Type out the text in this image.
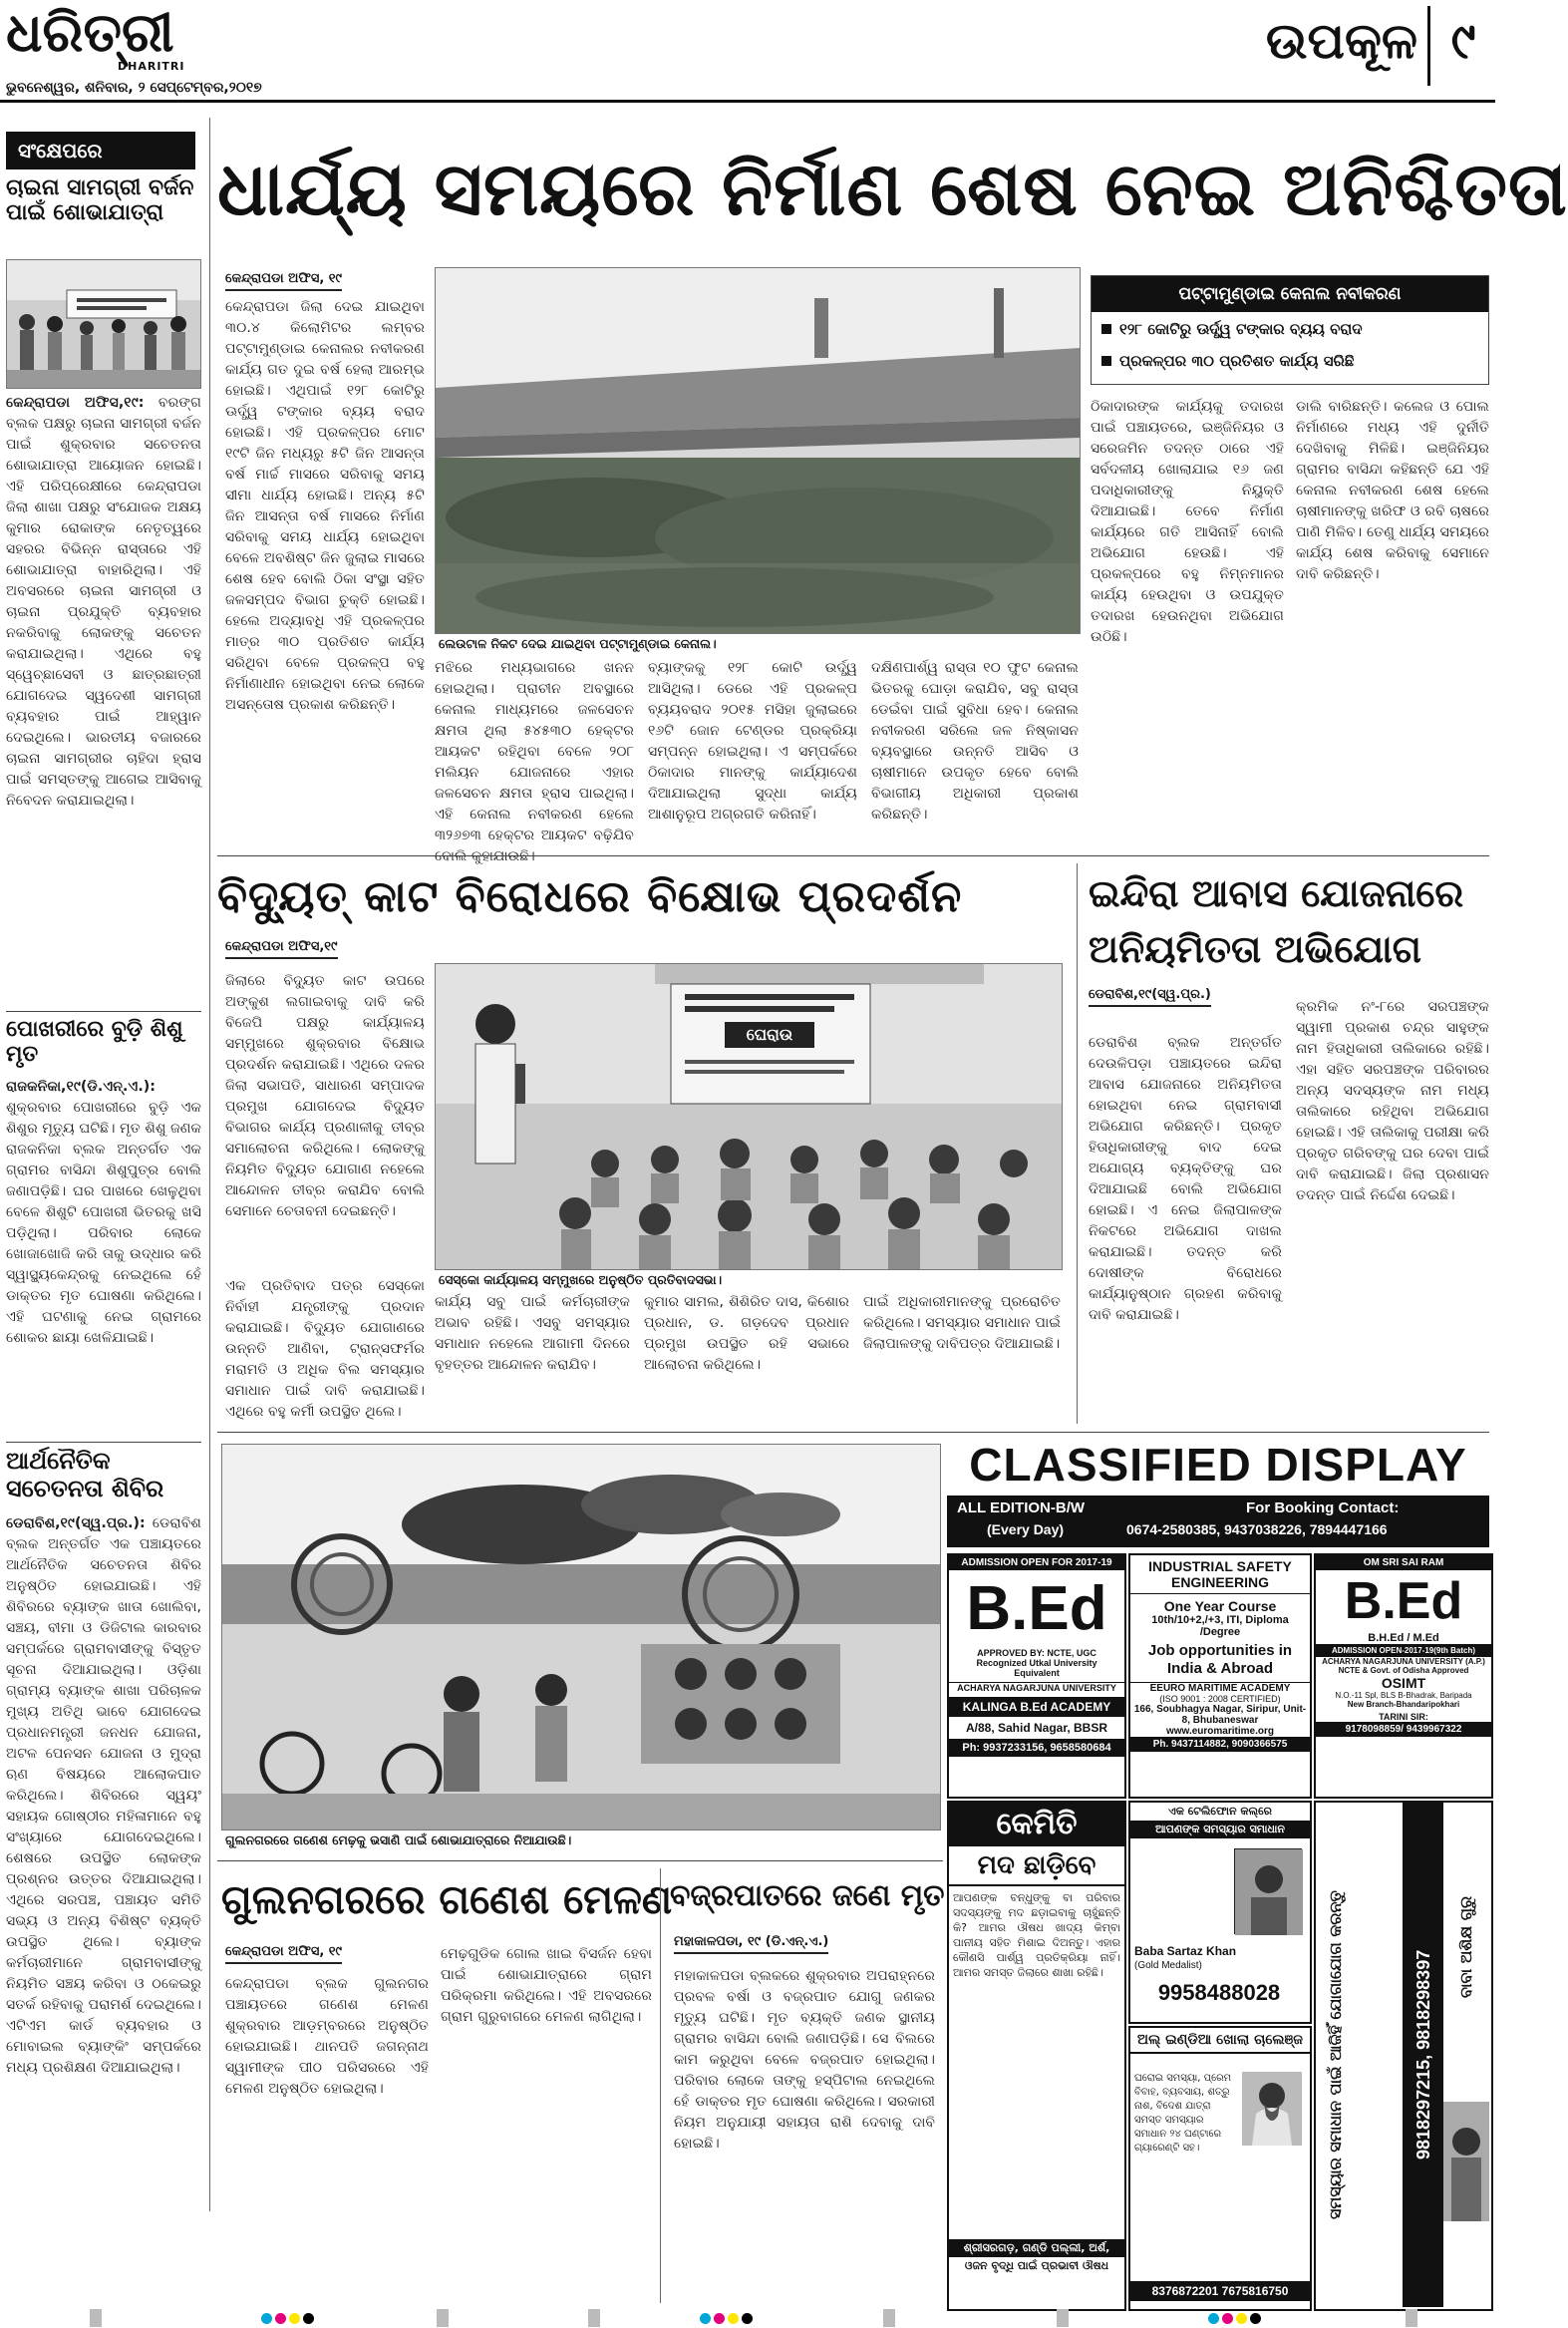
ଧରିତ୍ରୀ
DHARITRI
ଭୁବନେଶ୍ୱର, ଶନିବାର, ୨ ସେପ୍ଟେମ୍ବର,୨୦୧୭
ଉପକୂଳ ୯
ସଂକ୍ଷେପରେ
ଚାଇନା ସାମଗ୍ରୀ ବର୍ଜନ ପାଇଁ ଶୋଭାଯାତ୍ରା
କେନ୍ଦ୍ରାପଡା ଅଫିସ,୧୯: ବରଙ୍ଗ ବ୍ଲକ ପକ୍ଷରୁ ଚାଇନା ସାମଗ୍ରୀ ବର୍ଜନ ପାଇଁ ଶୁକ୍ରବାର ସଚେତନତା ଶୋଭାଯାତ୍ରା ଆୟୋଜନ ହୋଇଛି। ଏହି ପରିପ୍ରେକ୍ଷୀରେ କେନ୍ଦ୍ରାପଡା ଜିଲା ଶାଖା ପକ୍ଷରୁ ସଂଯୋଜକ ଅକ୍ଷୟ କୁମାର ରୋକାଙ୍କ ନେତୃତ୍ୱରେ ସହରର ବିଭିନ୍ନ ରାସ୍ତାରେ ଏହି ଶୋଭାଯାତ୍ରା ବାହାରିଥିଲା। ଏହି ଅବସରରେ ଚାଇନା ସାମଗ୍ରୀ ଓ ଚାଇନା ପ୍ରଯୁକ୍ତି ବ୍ୟବହାର ନକରିବାକୁ ଲୋକଙ୍କୁ ସଚେତନ କରାଯାଇଥିଲା। ଏଥିରେ ବହୁ ସ୍ୱେଚ୍ଛାସେବୀ ଓ ଛାତ୍ରଛାତ୍ରୀ ଯୋଗଦେଇ ସ୍ୱଦେଶୀ ସାମଗ୍ରୀ ବ୍ୟବହାର ପାଇଁ ଆହ୍ୱାନ ଦେଇଥିଲେ। ଭାରତୀୟ ବଜାରରେ ଚାଇନା ସାମଗ୍ରୀର ଚାହିଦା ହ୍ରାସ ପାଇଁ ସମସ୍ତଙ୍କୁ ଆଗେଇ ଆସିବାକୁ ନିବେଦନ କରାଯାଇଥିଲା।
ପୋଖରୀରେ ବୁଡ଼ି ଶିଶୁ ମୃତ
ରାଜକନିକା,୧୯(ଡି.ଏନ୍.ଏ.): ଶୁକ୍ରବାର ପୋଖରୀରେ ବୁଡ଼ି ଏକ ଶିଶୁର ମୃତ୍ୟୁ ଘଟିଛି। ମୃତ ଶିଶୁ ଜଣକ ରାଜକନିକା ବ୍ଲକ ଅନ୍ତର୍ଗତ ଏକ ଗ୍ରାମର ବାସିନ୍ଦା ଶିଶୁପୁତ୍ର ବୋଲି ଜଣାପଡ଼ିଛି। ଘର ପାଖରେ ଖେଳୁଥିବା ବେଳେ ଶିଶୁଟି ପୋଖରୀ ଭିତରକୁ ଖସି ପଡ଼ିଥିଲା। ପରିବାର ଲୋକେ ଖୋଜାଖୋଜି କରି ତାକୁ ଉଦ୍ଧାର କରି ସ୍ୱାସ୍ଥ୍ୟକେନ୍ଦ୍ରକୁ ନେଇଥିଲେ ହେଁ ଡାକ୍ତର ମୃତ ଘୋଷଣା କରିଥିଲେ। ଏହି ଘଟଣାକୁ ନେଇ ଗ୍ରାମରେ ଶୋକର ଛାୟା ଖେଳିଯାଇଛି।
ଆର୍ଥନୈତିକ ସଚେତନତା ଶିବିର
ଡେରାବିଶ,୧୯(ସ୍ୱ.ପ୍ର.): ଡେରାବିଶ ବ୍ଲକ ଅନ୍ତର୍ଗତ ଏକ ପଞ୍ଚାୟତରେ ଆର୍ଥନୈତିକ ସଚେତନତା ଶିବିର ଅନୁଷ୍ଠିତ ହୋଇଯାଇଛି। ଏହି ଶିବିରରେ ବ୍ୟାଙ୍କ ଖାତା ଖୋଲିବା, ସଞ୍ଚୟ, ବୀମା ଓ ଡିଜିଟାଲ କାରବାର ସମ୍ପର୍କରେ ଗ୍ରାମବାସୀଙ୍କୁ ବିସ୍ତୃତ ସୂଚନା ଦିଆଯାଇଥିଲା। ଓଡ଼ିଶା ଗ୍ରାମ୍ୟ ବ୍ୟାଙ୍କ ଶାଖା ପରିଚାଳକ ମୁଖ୍ୟ ଅତିଥି ଭାବେ ଯୋଗଦେଇ ପ୍ରଧାନମନ୍ତ୍ରୀ ଜନଧନ ଯୋଜନା, ଅଟଳ ପେନସନ ଯୋଜନା ଓ ମୁଦ୍ରା ଋଣ ବିଷୟରେ ଆଲୋକପାତ କରିଥିଲେ। ଶିବିରରେ ସ୍ୱୟଂ ସହାୟକ ଗୋଷ୍ଠୀର ମହିଳାମାନେ ବହୁ ସଂଖ୍ୟାରେ ଯୋଗଦେଇଥିଲେ। ଶେଷରେ ଉପସ୍ଥିତ ଲୋକଙ୍କ ପ୍ରଶ୍ନର ଉତ୍ତର ଦିଆଯାଇଥିଲା। ଏଥିରେ ସରପଞ୍ଚ, ପଞ୍ଚାୟତ ସମିତି ସଭ୍ୟ ଓ ଅନ୍ୟ ବିଶିଷ୍ଟ ବ୍ୟକ୍ତି ଉପସ୍ଥିତ ଥିଲେ। ବ୍ୟାଙ୍କ କର୍ମଚାରୀମାନେ ଗ୍ରାମବାସୀଙ୍କୁ ନିୟମିତ ସଞ୍ଚୟ କରିବା ଓ ଠକେଇରୁ ସତର୍କ ରହିବାକୁ ପରାମର୍ଶ ଦେଇଥିଲେ। ଏଟିଏମ କାର୍ଡ ବ୍ୟବହାର ଓ ମୋବାଇଲ ବ୍ୟାଙ୍କିଂ ସମ୍ପର୍କରେ ମଧ୍ୟ ପ୍ରଶିକ୍ଷଣ ଦିଆଯାଇଥିଲା।
ଧାର୍ଯ୍ୟ ସମୟରେ ନିର୍ମାଣ ଶେଷ ନେଇ ଅନିଶ୍ଚିତତା
କେନ୍ଦ୍ରାପଡା ଅଫିସ, ୧୯
କେନ୍ଦ୍ରାପଡା ଜିଲା ଦେଇ ଯାଇଥିବା ୩୦.୪ କିଲୋମିଟର ଲମ୍ବର ପଟ୍ଟାମୁଣ୍ଡାଇ କେନାଲର ନବୀକରଣ କାର୍ଯ୍ୟ ଗତ ଦୁଇ ବର୍ଷ ହେଲା ଆରମ୍ଭ ହୋଇଛି। ଏଥିପାଇଁ ୧୨୮ କୋଟିରୁ ଊର୍ଦ୍ଧ୍ୱ ଟଙ୍କାର ବ୍ୟୟ ବରାଦ ହୋଇଛି। ଏହି ପ୍ରକଳ୍ପର ମୋଟ ୧୯ଟି ଜିନ ମଧ୍ୟରୁ ୫ଟି ଜିନ ଆସନ୍ତା ବର୍ଷ ମାର୍ଚ୍ଚ ମାସରେ ସରିବାକୁ ସମୟ ସୀମା ଧାର୍ଯ୍ୟ ହୋଇଛି। ଅନ୍ୟ ୫ଟି ଜିନ ଆସନ୍ତା ବର୍ଷ ମାସରେ ନିର୍ମାଣ ସରିବାକୁ ସମୟ ଧାର୍ଯ୍ୟ ହୋଇଥିବା ବେଳେ ଅବଶିଷ୍ଟ ଜିନ ଜୁଲାଇ ମାସରେ ଶେଷ ହେବ ବୋଲି ଠିକା ସଂସ୍ଥା ସହିତ ଜଳସମ୍ପଦ ବିଭାଗ ଚୁକ୍ତି ହୋଇଛି। ହେଲେ ଅଦ୍ୟାବଧି ଏହି ପ୍ରକଳ୍ପର ମାତ୍ର ୩୦ ପ୍ରତିଶତ କାର୍ଯ୍ୟ ସରିଥିବା ବେଳେ ପ୍ରକଳ୍ପ ବହୁ ନିର୍ମାଣାଧୀନ ହୋଇଥିବା ନେଇ ଲୋକେ ଅସନ୍ତୋଷ ପ୍ରକାଶ କରିଛନ୍ତି।
ଲେଉଟାଳ ନିକଟ ଦେଇ ଯାଇଥିବା ପଟ୍ଟାମୁଣ୍ଡାଇ କେନାଲ।
ମଝିରେ ମଧ୍ୟଭାଗରେ ଖନନ ହୋଇଥିଲା। ପ୍ରାଚୀନ ଅବସ୍ଥାରେ କେନାଲ ମାଧ୍ୟମରେ ଜଳସେଚନ କ୍ଷମତା ଥିଲା ୫୪୫୩୦ ହେକ୍ଟର ଆୟକଟ ରହିଥିବା ବେଳେ ୨୦୮ ମଲିୟନ ଯୋଜନାରେ ଏହାର ଜଳସେଚନ କ୍ଷମତା ହ୍ରାସ ପାଇଥିଲା। ଏହି କେନାଲ ନବୀକରଣ ହେଲେ ୩୨୬୭୩ ହେକ୍ଟର ଆୟକଟ ବଢ଼ିଯିବ ବୋଲି କୁହାଯାଉଛି।
ବ୍ୟାଙ୍କକୁ ୧୨୮ କୋଟି ଉର୍ଦ୍ଧ୍ୱ ଆସିଥିଲା। ଡେରେ ଏହି ପ୍ରକଳ୍ପ ବ୍ୟୟବରାଦ ୨୦୧୫ ମସିହା ଜୁଲାଇରେ ୧୬ଟି ଜୋନ ଟେଣ୍ଡର ପ୍ରକ୍ରିୟା ସମ୍ପନ୍ନ ହୋଇଥିଲା। ଏ ସମ୍ପର୍କରେ ଠିକାଦାର ମାନଙ୍କୁ କାର୍ଯ୍ୟାଦେଶ ଦିଆଯାଇଥିଲା ସୁଦ୍ଧା କାର୍ଯ୍ୟ ଆଶାନୁରୂପ ଅଗ୍ରଗତି କରିନାହିଁ।
ଦକ୍ଷିଣପାର୍ଶ୍ୱ ରାସ୍ତା ୧୦ ଫୁଟ କେନାଲ ଭିତରକୁ ଘୋଡ଼ା କରାଯିବ, ସବୁ ରାସ୍ତା ଡେଇଁବା ପାଇଁ ସୁବିଧା ହେବ। କେନାଲ ନବୀକରଣ ସରିଲେ ଜଳ ନିଷ୍କାସନ ବ୍ୟବସ୍ଥାରେ ଉନ୍ନତି ଆସିବ ଓ ଚାଷୀମାନେ ଉପକୃତ ହେବେ ବୋଲି ବିଭାଗୀୟ ଅଧିକାରୀ ପ୍ରକାଶ କରିଛନ୍ତି।
ପଟ୍ଟାମୁଣ୍ଡାଇ କେନାଲ ନବୀକରଣ
୧୨୮ କୋଟିରୁ ଊର୍ଦ୍ଧ୍ୱ ଟଙ୍କାର ବ୍ୟୟ ବରାଦ
ପ୍ରକଳ୍ପର ୩୦ ପ୍ରତିଶତ କାର୍ଯ୍ୟ ସରିଛି
ଠିକାଦାରଙ୍କ କାର୍ଯ୍ୟକୁ ତଦାରଖ ପାଇଁ ପଞ୍ଚାୟତରେ, ଇଞ୍ଜିନିୟର ଓ ସରେଜମିନ ତଦନ୍ତ ଠାରେ ଏହି ସର୍ବଦଳୀୟ ଖୋଲାଯାଇ ୧୬ ଜଣ ପଦାଧିକାରୀଙ୍କୁ ନିୟୁକ୍ତି ଦିଆଯାଇଛି। ତେବେ ନିର୍ମାଣ କାର୍ଯ୍ୟରେ ଗତି ଆସିନାହିଁ ବୋଲି ଅଭିଯୋଗ ହେଉଛି। ଏହି ପ୍ରକଳ୍ପରେ ବହୁ ନିମ୍ନମାନର କାର୍ଯ୍ୟ ହେଉଥିବା ଓ ଉପଯୁକ୍ତ ତଦାରଖ ହେଉନଥିବା ଅଭିଯୋଗ ଉଠିଛି।
ଡାଲି ବାରିଛନ୍ତି। କଲେଜ ଓ ପୋଲ ନିର୍ମାଣରେ ମଧ୍ୟ ଏହି ଦୁର୍ନୀତି ଦେଖିବାକୁ ମିଳିଛି। ଇଞ୍ଜିନିୟର ଗ୍ରାମର ବାସିନ୍ଦା କହିଛନ୍ତି ଯେ ଏହି କେନାଲ ନବୀକରଣ ଶେଷ ହେଲେ ଚାଷୀମାନଙ୍କୁ ଖରିଫ ଓ ରବି ଚାଷରେ ପାଣି ମିଳିବ। ତେଣୁ ଧାର୍ଯ୍ୟ ସମୟରେ କାର୍ଯ୍ୟ ଶେଷ କରିବାକୁ ସେମାନେ ଦାବି କରିଛନ୍ତି।
ବିଦ୍ୟୁତ୍ କାଟ ବିରୋଧରେ ବିକ୍ଷୋଭ ପ୍ରଦର୍ଶନ
କେନ୍ଦ୍ରାପଡା ଅଫିସ,୧୯
ଜିଲାରେ ବିଦ୍ୟୁତ କାଟ ଉପରେ ଅଙ୍କୁଶ ଲଗାଇବାକୁ ଦାବି କରି ବିଜେପି ପକ୍ଷରୁ କାର୍ଯ୍ୟାଳୟ ସମ୍ମୁଖରେ ଶୁକ୍ରବାର ବିକ୍ଷୋଭ ପ୍ରଦର୍ଶନ କରାଯାଇଛି। ଏଥିରେ ଦଳର ଜିଲା ସଭାପତି, ସାଧାରଣ ସମ୍ପାଦକ ପ୍ରମୁଖ ଯୋଗଦେଇ ବିଦ୍ୟୁତ ବିଭାଗର କାର୍ଯ୍ୟ ପ୍ରଣାଳୀକୁ ତୀବ୍ର ସମାଲୋଚନା କରିଥିଲେ। ଲୋକଙ୍କୁ ନିୟମିତ ବିଦ୍ୟୁତ ଯୋଗାଣ ନହେଲେ ଆନ୍ଦୋଳନ ତୀବ୍ର କରାଯିବ ବୋଲି ସେମାନେ ଚେତାବନୀ ଦେଇଛନ୍ତି।
ଘେରାଉ
ସେସ୍କୋ କାର୍ଯ୍ୟାଳୟ ସମ୍ମୁଖରେ ଅନୁଷ୍ଠିତ ପ୍ରତିବାଦସଭା।
ଏକ ପ୍ରତିବାଦ ପତ୍ର ସେସ୍କୋ ନିର୍ବାହୀ ଯନ୍ତ୍ରୀଙ୍କୁ ପ୍ରଦାନ କରାଯାଇଛି। ବିଦ୍ୟୁତ ଯୋଗାଣରେ ଉନ୍ନତି ଆଣିବା, ଟ୍ରାନ୍ସଫର୍ମର ମରାମତି ଓ ଅଧିକ ବିଲ ସମସ୍ୟାର ସମାଧାନ ପାଇଁ ଦାବି କରାଯାଇଛି। ଏଥିରେ ବହୁ କର୍ମୀ ଉପସ୍ଥିତ ଥିଲେ।
କାର୍ଯ୍ୟ ସବୁ ପାଇଁ କର୍ମଚାରୀଙ୍କ ଅଭାବ ରହିଛି। ଏସବୁ ସମସ୍ୟାର ସମାଧାନ ନହେଲେ ଆଗାମୀ ଦିନରେ ବୃହତ୍ତର ଆନ୍ଦୋଳନ କରାଯିବ।
କୁମାର ସାମଲ, ଶିଶିରିତ ଦାସ, କିଶୋର ପ୍ରଧାନ, ଡ. ଗଡ଼ଦେବ ପ୍ରଧାନ ପ୍ରମୁଖ ଉପସ୍ଥିତ ରହି ସଭାରେ ଆଲୋଚନା କରିଥିଲେ।
ପାଇଁ ଅଧିକାରୀମାନଙ୍କୁ ପ୍ରରୋଚିତ କରିଥିଲେ। ସମସ୍ୟାର ସମାଧାନ ପାଇଁ ଜିଲାପାଳଙ୍କୁ ଦାବିପତ୍ର ଦିଆଯାଇଛି।
ଇନ୍ଦିରା ଆବାସ ଯୋଜନାରେ ଅନିୟମିତତା ଅଭିଯୋଗ
ଡେରାବିଶ,୧୯(ସ୍ୱ.ପ୍ର.)
ଡେରାବିଶ ବ୍ଲକ ଅନ୍ତର୍ଗତ ଦେଉଳିପଡ଼ା ପଞ୍ଚାୟତରେ ଇନ୍ଦିରା ଆବାସ ଯୋଜନାରେ ଅନିୟମିତତା ହୋଇଥିବା ନେଇ ଗ୍ରାମବାସୀ ଅଭିଯୋଗ କରିଛନ୍ତି। ପ୍ରକୃତ ହିତାଧିକାରୀଙ୍କୁ ବାଦ ଦେଇ ଅଯୋଗ୍ୟ ବ୍ୟକ୍ତିଙ୍କୁ ଘର ଦିଆଯାଇଛି ବୋଲି ଅଭିଯୋଗ ହୋଇଛି। ଏ ନେଇ ଜିଲାପାଳଙ୍କ ନିକଟରେ ଅଭିଯୋଗ ଦାଖଲ କରାଯାଇଛି। ତଦନ୍ତ କରି ଦୋଷୀଙ୍କ ବିରୋଧରେ କାର୍ଯ୍ୟାନୁଷ୍ଠାନ ଗ୍ରହଣ କରିବାକୁ ଦାବି କରାଯାଇଛି।
କ୍ରମିକ ନଂ-୮ରେ ସରପଞ୍ଚଙ୍କ ସ୍ୱାମୀ ପ୍ରକାଶ ଚନ୍ଦ୍ର ସାହୁଙ୍କ ନାମ ହିତାଧିକାରୀ ତାଲିକାରେ ରହିଛି। ଏହା ସହିତ ସରପଞ୍ଚଙ୍କ ପରିବାରର ଅନ୍ୟ ସଦସ୍ୟଙ୍କ ନାମ ମଧ୍ୟ ତାଲିକାରେ ରହିଥିବା ଅଭିଯୋଗ ହୋଇଛି। ଏହି ତାଲିକାକୁ ପରୀକ୍ଷା କରି ପ୍ରକୃତ ଗରିବଙ୍କୁ ଘର ଦେବା ପାଇଁ ଦାବି କରାଯାଇଛି। ଜିଲା ପ୍ରଶାସନ ତଦନ୍ତ ପାଇଁ ନିର୍ଦ୍ଦେଶ ଦେଇଛି।
ଗୁଲନଗରରେ ଗଣେଶ ମେଢ଼କୁ ଭସାଣି ପାଇଁ ଶୋଭାଯାତ୍ରାରେ ନିଆଯାଉଛି।
ଗୁଲନଗରରେ ଗଣେଶ ମେଳଣ
କେନ୍ଦ୍ରାପଡା ଅଫିସ, ୧୯
କେନ୍ଦ୍ରାପଡା ବ୍ଲକ ଗୁଲନଗର ପଞ୍ଚାୟତରେ ଗଣେଶ ମେଳଣ ଶୁକ୍ରବାର ଆଡ଼ମ୍ବରରେ ଅନୁଷ୍ଠିତ ହୋଇଯାଇଛି। ଥାନପତି ଜଗନ୍ନାଥ ସ୍ୱାମୀଙ୍କ ପୀଠ ପରିସରରେ ଏହି ମେଳଣ ଅନୁଷ୍ଠିତ ହୋଇଥିଲା।
ମେଢ଼ଗୁଡିକ ଗୋଲ ଖାଇ ବିସର୍ଜନ ହେବା ପାଇଁ ଶୋଭାଯାତ୍ରାରେ ଗ୍ରାମ ପରିକ୍ରମା କରିଥିଲେ। ଏହି ଅବସରରେ ଗ୍ରାମ ଗୁରୁବାଗରେ ମେଳଣ ଲାଗିଥିଲା।
ବଜ୍ରପାତରେ ଜଣେ ମୃତ
ମହାକାଳପଡା, ୧୯ (ଡି.ଏନ୍.ଏ.)
ମହାକାଳପଡା ବ୍ଲକରେ ଶୁକ୍ରବାର ଅପରାହ୍ନରେ ପ୍ରବଳ ବର୍ଷା ଓ ବଜ୍ରପାତ ଯୋଗୁ ଜଣକର ମୃତ୍ୟୁ ଘଟିଛି। ମୃତ ବ୍ୟକ୍ତି ଜଣକ ସ୍ଥାନୀୟ ଗ୍ରାମର ବାସିନ୍ଦା ବୋଲି ଜଣାପଡ଼ିଛି। ସେ ବିଲରେ କାମ କରୁଥିବା ବେଳେ ବଜ୍ରପାତ ହୋଇଥିଲା। ପରିବାର ଲୋକେ ତାଙ୍କୁ ହସ୍ପିଟାଲ ନେଇଥିଲେ ହେଁ ଡାକ୍ତର ମୃତ ଘୋଷଣା କରିଥିଲେ। ସରକାରୀ ନିୟମ ଅନୁଯାୟୀ ସହାୟତା ରାଶି ଦେବାକୁ ଦାବି ହୋଇଛି।
CLASSIFIED DISPLAY
ALL EDITION-B/W
(Every Day)
For Booking Contact:
0674-2580385, 9437038226, 7894447166
ADMISSION OPEN FOR 2017-19
B.Ed
APPROVED BY: NCTE, UGC Recognized Utkal University Equivalent
ACHARYA NAGARJUNA UNIVERSITY
KALINGA B.Ed ACADEMY
A/88, Sahid Nagar, BBSR
Ph: 9937233156, 9658580684
INDUSTRIAL SAFETY ENGINEERING
One Year Course
10th/10+2,/+3, ITI, Diploma /Degree
Job opportunities in India & Abroad
EEURO MARITIME ACADEMY
(ISO 9001 : 2008 CERTIFIED)
166, Soubhagya Nagar, Siripur, Unit-8, Bhubaneswar
www.euromaritime.org
Ph. 9437114882, 9090366575
OM SRI SAI RAM
B.Ed
B.H.Ed / M.Ed
ADMISSION OPEN-2017-19(9th Batch)
ACHARYA NAGARJUNA UNIVERSITY (A.P.) NCTE & Govt. of Odisha Approved
OSIMT
N.O.-11 Spl, BLS B-Bhadrak, Baripada
New Branch-Bhandaripokhari
TARINI SIR:
9178098859/ 9439967322
କେମିତି
ମଦ ଛାଡ଼ିବେ
ଆପଣଙ୍କ ବନ୍ଧୁଙ୍କୁ ବା ପରିବାର ସଦସ୍ୟଙ୍କୁ ମଦ ଛଡ଼ାଇବାକୁ ଚାହୁଁଛନ୍ତି କି? ଆମର ଔଷଧ ଖାଦ୍ୟ କିମ୍ବା ପାନୀୟ ସହିତ ମିଶାଇ ଦିଅନ୍ତୁ। ଏହାର କୌଣସି ପାର୍ଶ୍ୱ ପ୍ରତିକ୍ରିୟା ନାହିଁ। ଆମର ସମସ୍ତ ଜିଲାରେ ଶାଖା ରହିଛି।
ଶ୍ରୀସରଗଡ଼, ଗଣ୍ଡି ପଲ୍ଲୀ, ଅର୍ଶ,
ଓଜନ ବୃଦ୍ଧି ପାଇଁ ପ୍ରଭାବୀ ଔଷଧ
ଏକ ଟେଲିଫୋନ କଲ୍‌ରେ
ଆପଣଙ୍କ ସମସ୍ୟାର ସମାଧାନ
Baba Sartaz Khan
(Gold Medalist)
9958488028
ଅଲ୍ ଇଣ୍ଡିଆ ଖୋଲା ଚାଲେଞ୍ଜ
ଘରୋଇ ସମସ୍ୟା, ପ୍ରେମ ବିବାହ, ବ୍ୟବସାୟ, ଶତ୍ରୁ ନାଶ, ବିଦେଶ ଯାତ୍ରା ସମସ୍ତ ସମସ୍ୟାର ସମାଧାନ ୨୪ ଘଣ୍ଟାରେ ଗ୍ୟାରେଣ୍ଟି ସହ।
8376872201 7675816750
ସମସ୍ୟାର ସମାଧାନ ପାଇଁ ଆଜିହିଁ ଯୋଗାଯୋଗ କରନ୍ତୁ	9818297215, 9818298397
ବାବା ଅଶିକ୍ଷ ଗୁରୁ
